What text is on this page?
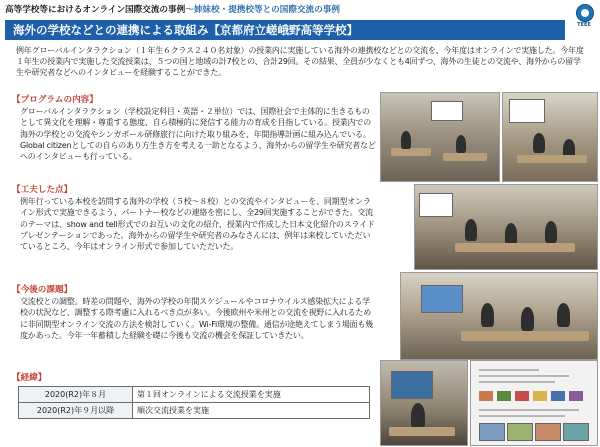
高等学校等におけるオンライン国際交流の事例～姉妹校・提携校等との国際交流の事例
TEEE
海外の学校などとの連携による取組み【京都府立嵯峨野高等学校】
例年グローバルインタラクション（１年生６クラス２４０名対象）の授業内に実施している海外の連携校などとの交流を、今年度はオンラインで実施した。今年度１年生の授業内で実施した交流授業は、５つの国と地域の計7校との、合計29回。その結果、全員が少なくとも4回ずつ、海外の生徒との交流や、海外からの留学生や研究者などへのインタビューを経験することができた。
【プログラムの内容】
グローバルインタラクション（学校設定科目・英語・２単位）では、国際社会で主体的に生きるものとして異文化を理解・尊重する態度、自ら積極的に発信する能力の育成を目指している。授業内での海外の学校との交流やシンガポール研修旅行に向けた取り組みを、年間指導計画に組み込んでいる。Global citizenとしての自らのあり方生き方を考える一助となるよう、海外からの留学生や研究者などへのインタビューも行っている。
【工夫した点】
例年行っている本校を訪問する海外の学校（５校～８校）との交流やインタビューを、同期型オンライン形式で実施できるよう、パートナー校などの連絡を密にし、全29回実施することができた。交流のテーマは、show and tell形式でのお互いの文化の紹介、授業内で作成した日本文化紹介のスライドプレゼンテーションであった。海外からの留学生や研究者のみなさんには、例年は来校していただいているところ、今年はオンライン形式で参加していただいた。
【今後の課題】
交流校との調整。時差の問題や、海外の学校の年間スケジュールやコロナウイルス感染拡大による学校の状況など、調整する際考慮に入れるべき点が多い。今後欧州や米州との交流を視野に入れるために非同期型オンライン交流の方法を検討していく。Wi-Fi環境の整備。通信が途絶えてしまう場面も幾度かあった。今年一年蓄積した経験を礎に今後も交流の機会を保証していきたい。
【経緯】
2020(R2)年８月	第１回オンラインによる交流授業を実施
2020(R2)年９月以降	順次交流授業を実施
